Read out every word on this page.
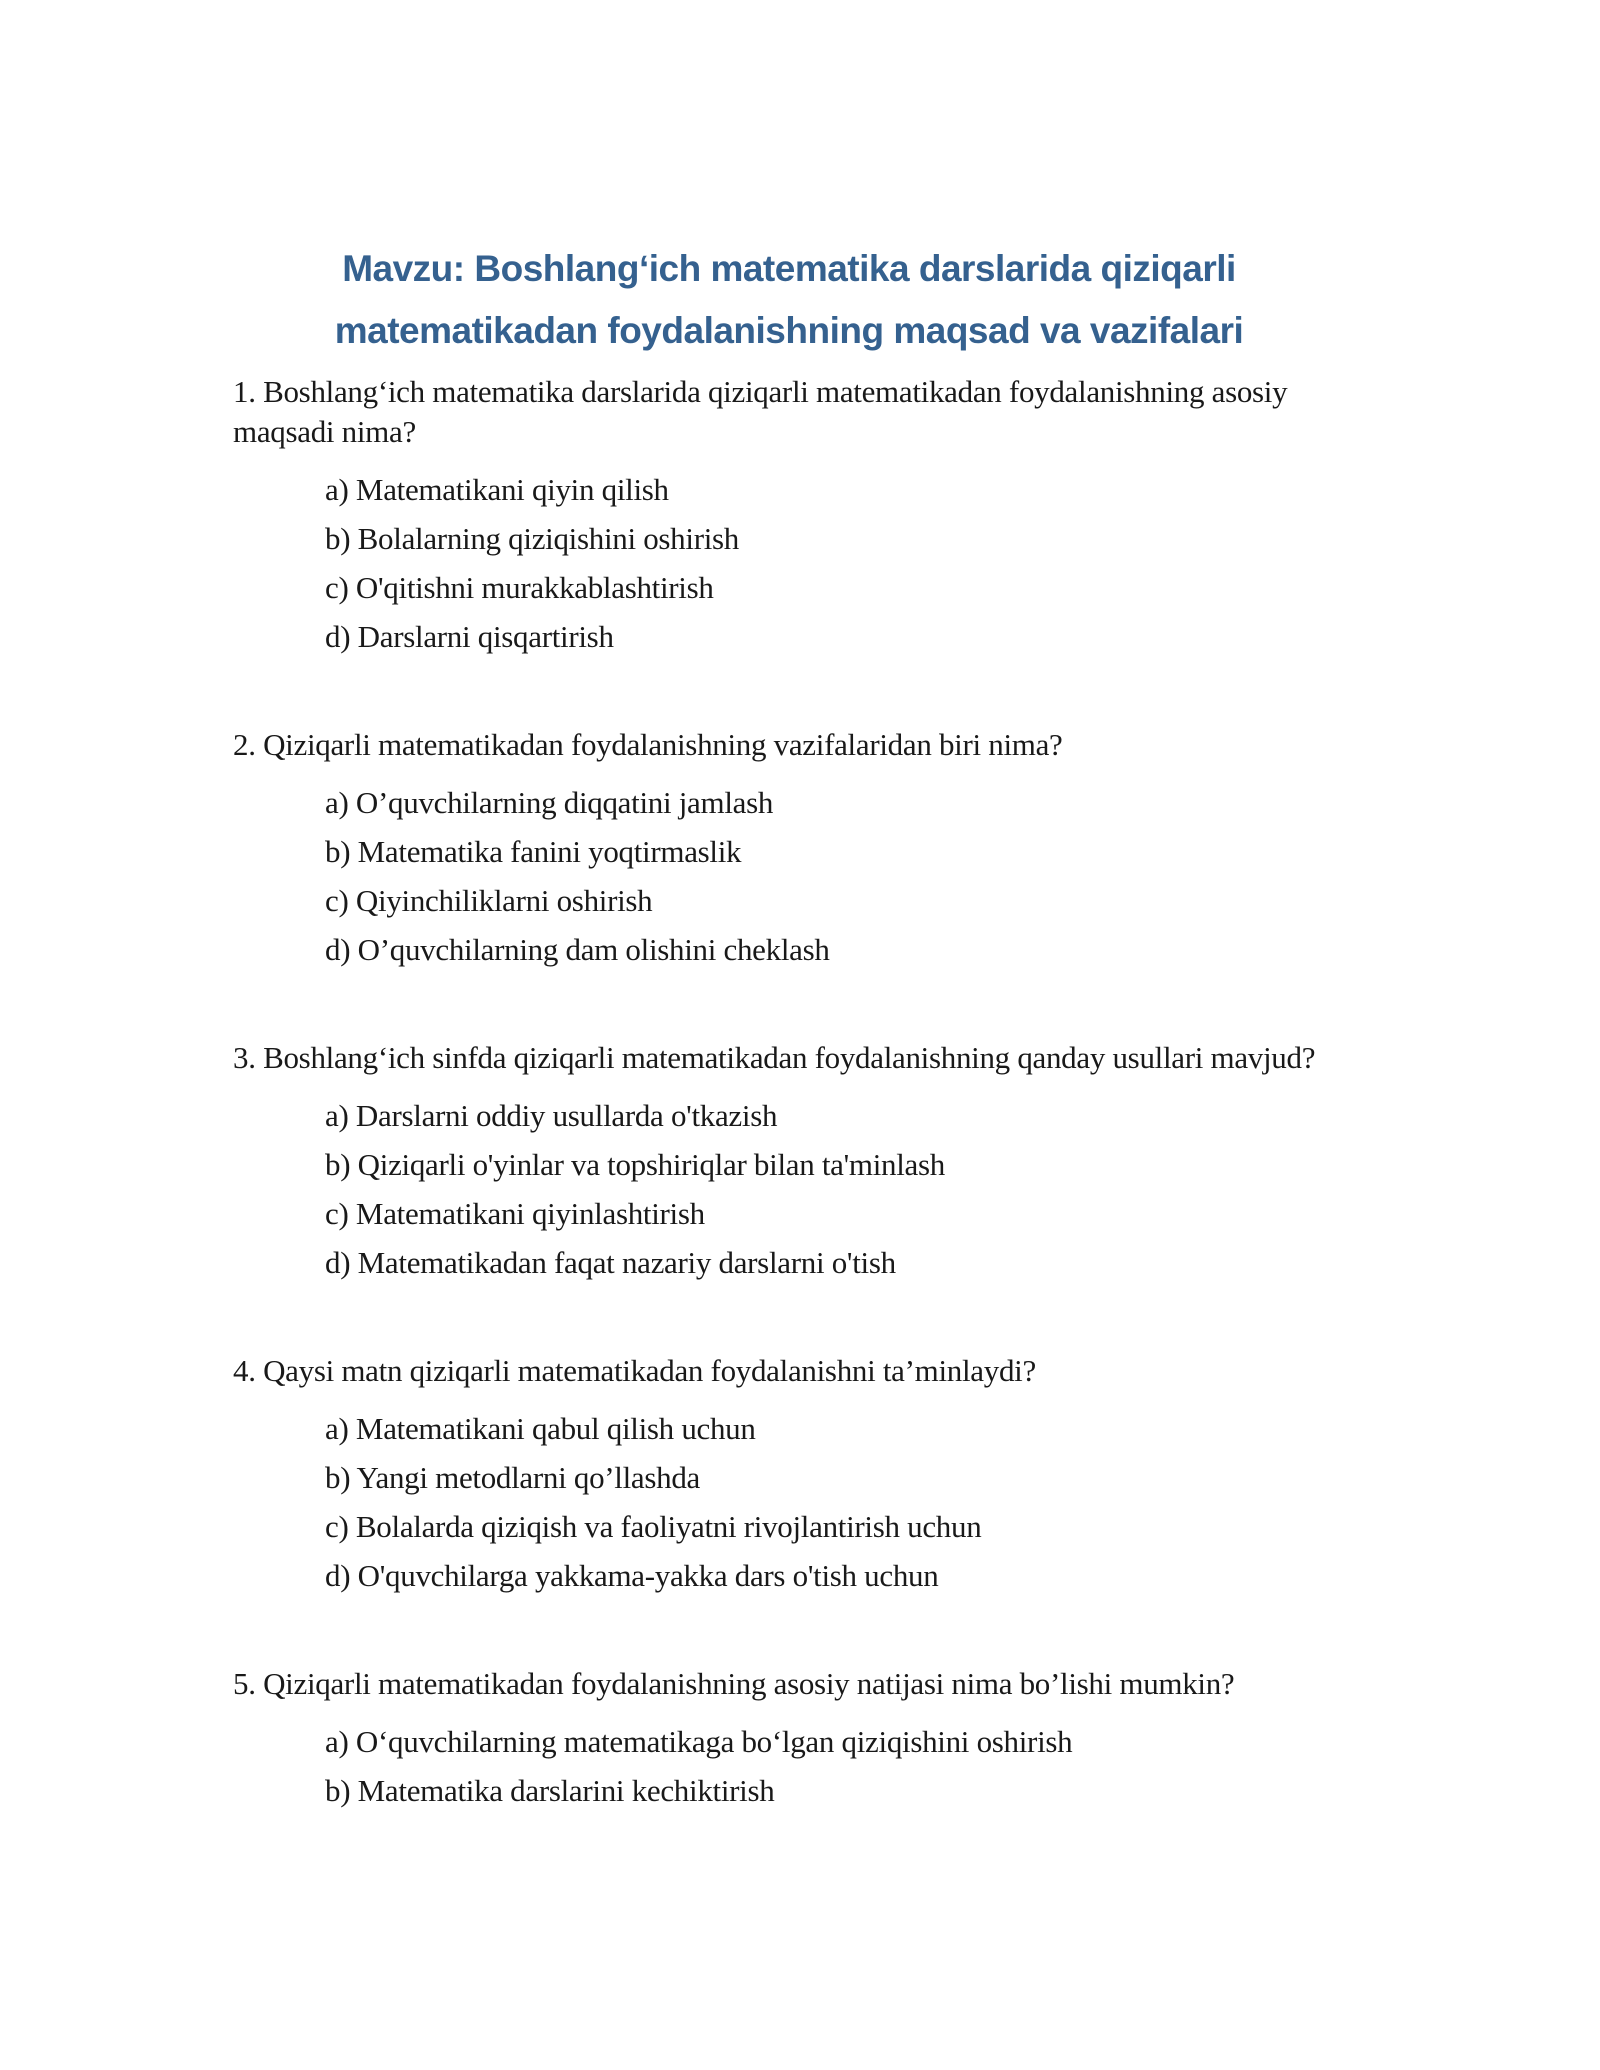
Mavzu: Boshlang‘ich matematika darslarida qiziqarli
matematikadan foydalanishning maqsad va vazifalari

1. Boshlang‘ich matematika darslarida qiziqarli matematikadan foydalanishning asosiy maqsadi nima?

a) Matematikani qiyin qilish

b) Bolalarning qiziqishini oshirish

c) O'qitishni murakkablashtirish

d) Darslarni qisqartirish

2. Qiziqarli matematikadan foydalanishning vazifalaridan biri nima?

a) O’quvchilarning diqqatini jamlash

b) Matematika fanini yoqtirmaslik

c) Qiyinchiliklarni oshirish

d) O’quvchilarning dam olishini cheklash

3. Boshlang‘ich sinfda qiziqarli matematikadan foydalanishning qanday usullari mavjud?

a) Darslarni oddiy usullarda o'tkazish

b) Qiziqarli o'yinlar va topshiriqlar bilan ta'minlash

c) Matematikani qiyinlashtirish

d) Matematikadan faqat nazariy darslarni o'tish

4. Qaysi matn qiziqarli matematikadan foydalanishni ta’minlaydi?

a) Matematikani qabul qilish uchun

b) Yangi metodlarni qo’llashda

c) Bolalarda qiziqish va faoliyatni rivojlantirish uchun

d) O'quvchilarga yakkama-yakka dars o'tish uchun

5. Qiziqarli matematikadan foydalanishning asosiy natijasi nima bo’lishi mumkin?

a) O‘quvchilarning matematikaga bo‘lgan qiziqishini oshirish

b) Matematika darslarini kechiktirish
